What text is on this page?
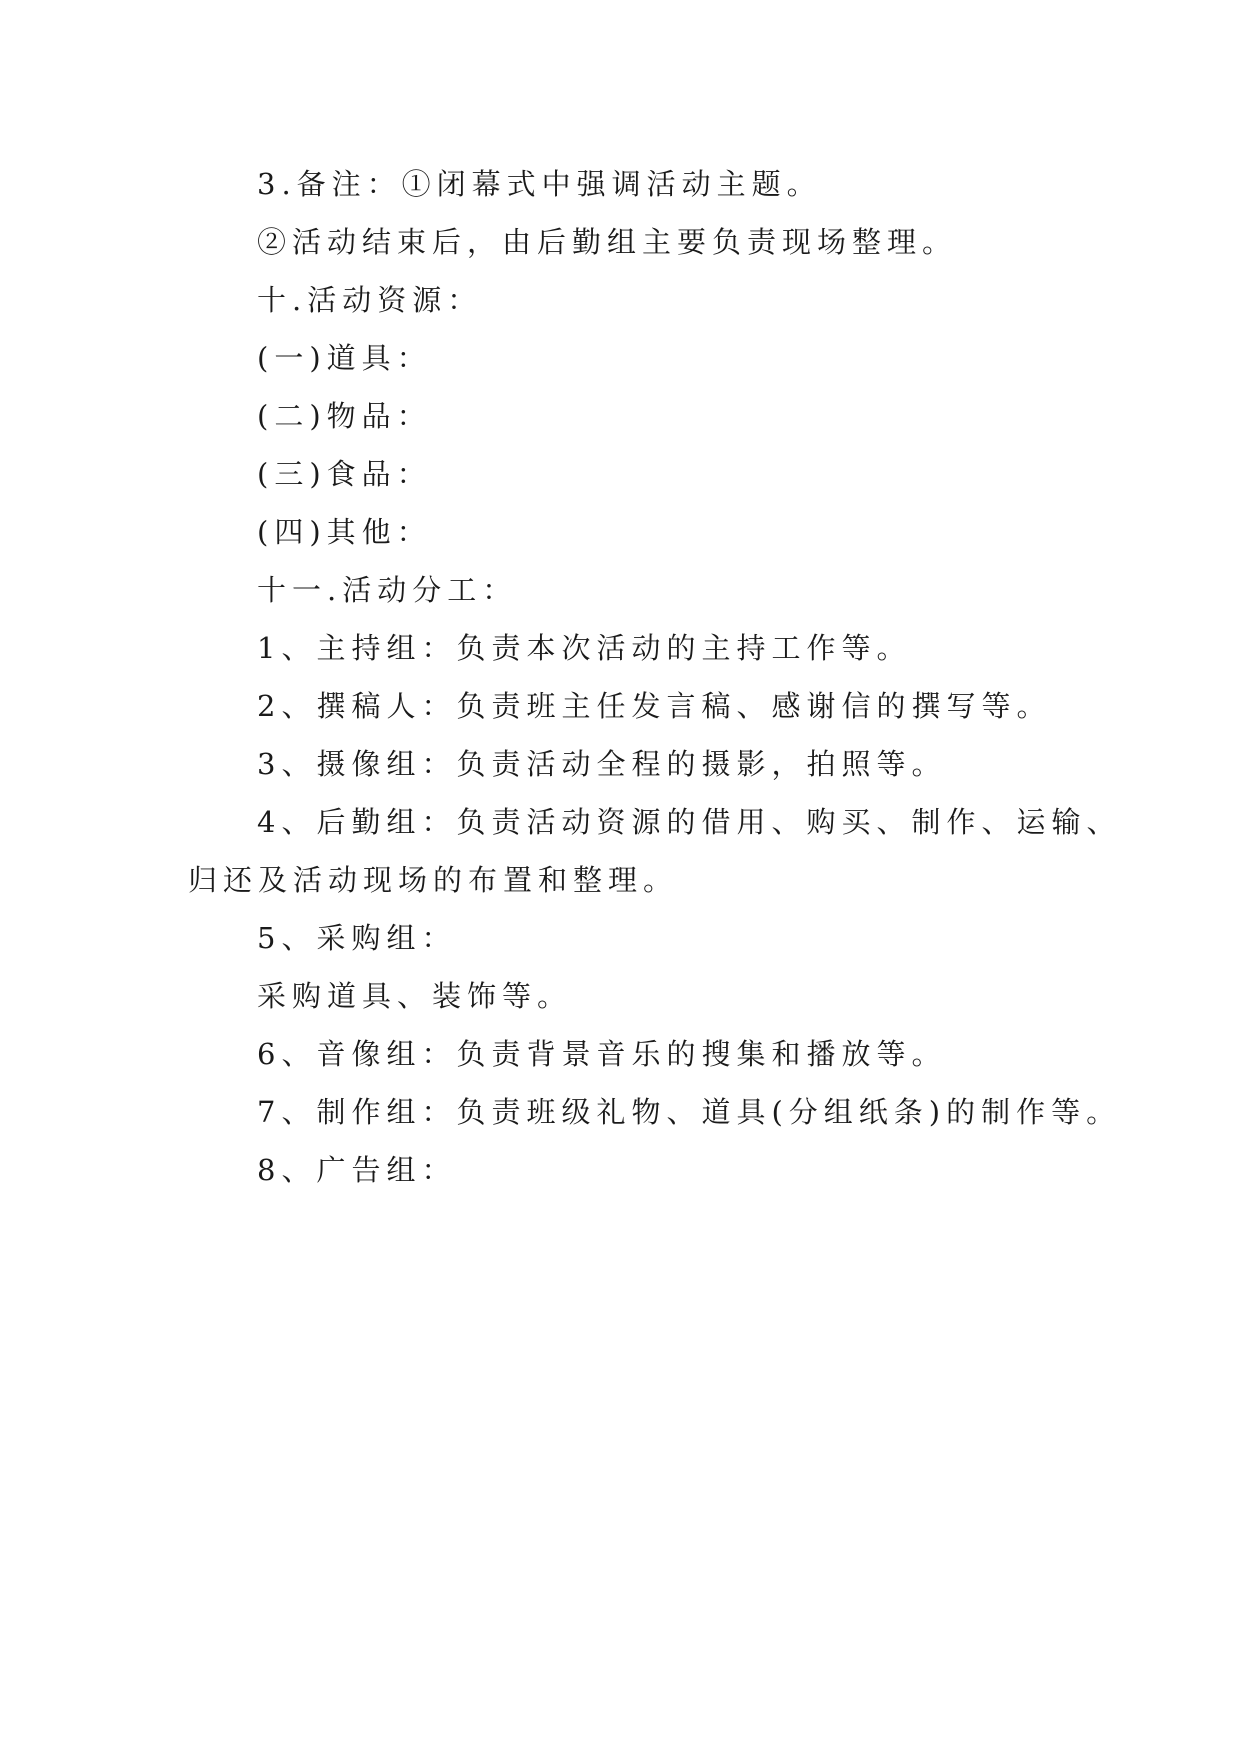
3.备注：①闭幕式中强调活动主题。
②活动结束后，由后勤组主要负责现场整理。
十.活动资源：
(一)道具：
(二)物品：
(三)食品：
(四)其他：
十一.活动分工：
1、主持组：负责本次活动的主持工作等。
2、撰稿人：负责班主任发言稿、感谢信的撰写等。
3、摄像组：负责活动全程的摄影，拍照等。
4、后勤组：负责活动资源的借用、购买、制作、运输、
归还及活动现场的布置和整理。
5、采购组：
采购道具、装饰等。
6、音像组：负责背景音乐的搜集和播放等。
7、制作组：负责班级礼物、道具(分组纸条)的制作等。
8、广告组：
